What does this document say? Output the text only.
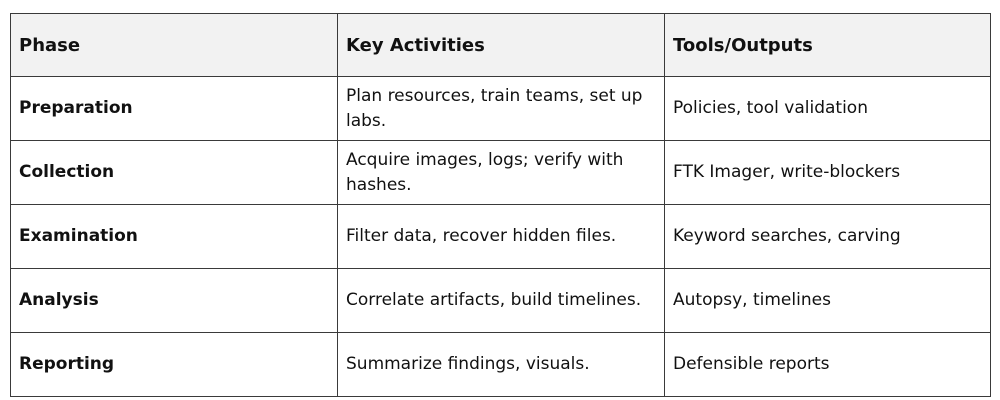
Phase	Key Activities	Tools/Outputs
Preparation	Plan resources, train teams, set up labs.	Policies, tool validation
Collection	Acquire images, logs; verify with hashes.	FTK Imager, write-blockers
Examination	Filter data, recover hidden files.	Keyword searches, carving
Analysis	Correlate artifacts, build timelines.	Autopsy, timelines
Reporting	Summarize findings, visuals.	Defensible reports
